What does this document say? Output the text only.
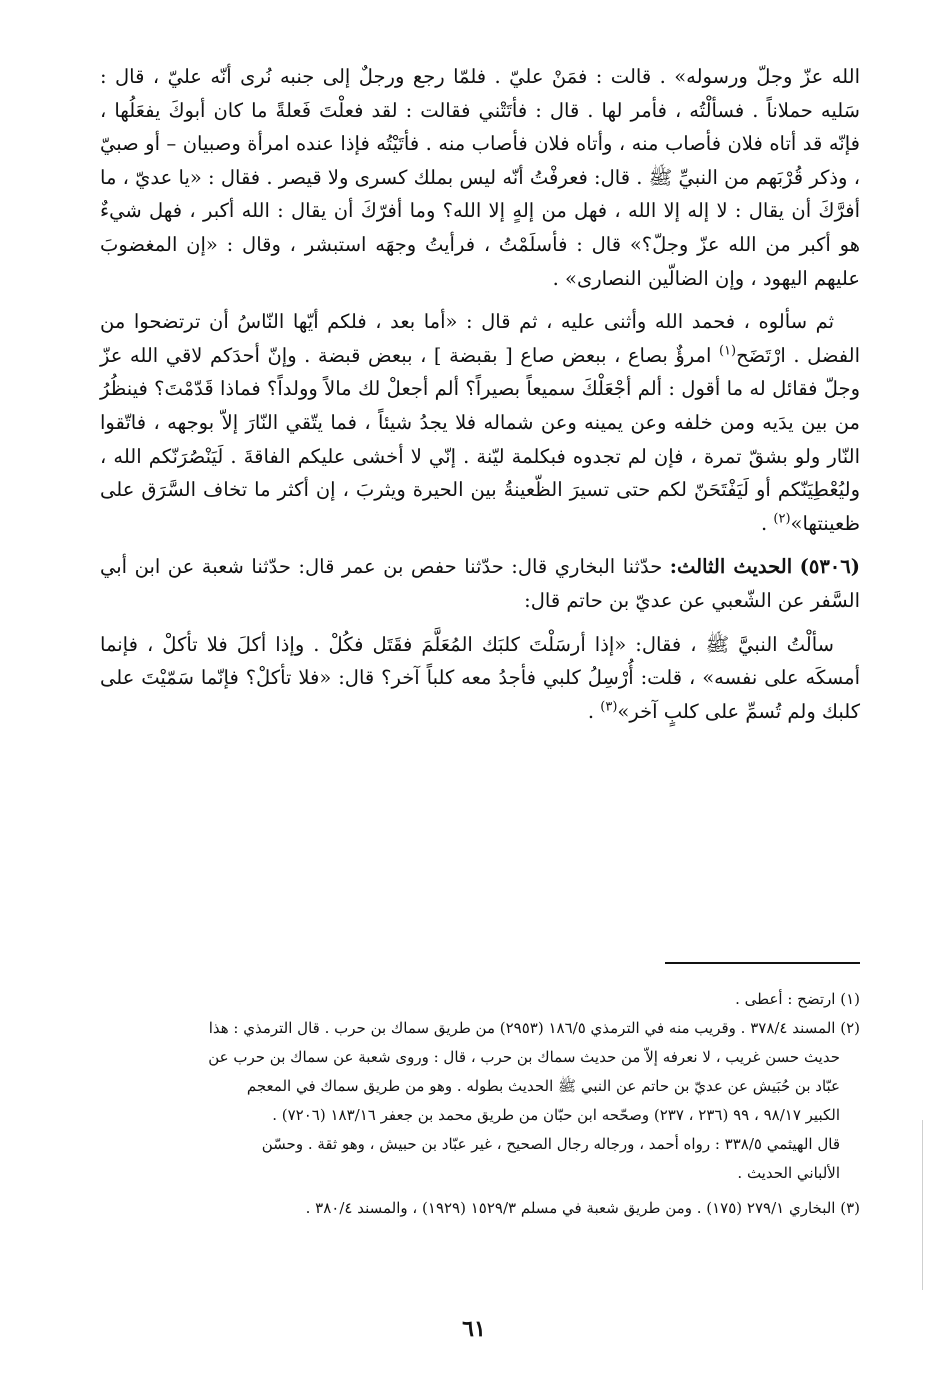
الله عزّ وجلّ ورسوله» . قالت : فمَنْ عليّ . فلمّا رجع ورجلٌ إلى جنبه نُرى أنّه عليّ ، قال : سَليه حملاناً . فسألْتُه ، فأمر لها . قال : فأتَتْني فقالت : لقد فعلْتَ فَعلةً ما كان أبوكَ يفعَلُها ، فإنّه قد أتاه فلان فأصاب منه ، وأتاه فلان فأصاب منه . فأتَيْتُه فإذا عنده امرأة وصبيان – أو صبيّ ، وذكر قُرْبَهم من النبيِّ ﷺ . قال: فعرفْتُ أنّه ليس بملك كسرى ولا قيصر . فقال : «يا عديّ ، ما أفرَّكَ أن يقال : لا إله إلا الله ، فهل من إلهٍ إلا الله؟ وما أفرّكَ أن يقال : الله أكبر ، فهل شيءٌ هو أكبر من الله عزّ وجلّ؟» قال : فأسلَمْتُ ، فرأيتُ وجهَه استبشر ، وقال : «إن المغضوبَ عليهم اليهود ، وإن الضالّين النصارى» .

ثم سألوه ، فحمد الله وأثنى عليه ، ثم قال : «أما بعد ، فلكم أيّها النّاسُ أن ترتضحوا من الفضل . ارْتَضَح$^{(١)}$ امرؤٌ بصاع ، ببعض صاع [ بقبضة ] ، ببعض قبضة . وإنّ أحدَكم لاقي الله عزّ وجلّ فقائل له ما أقول : ألم أجْعَلْكَ سميعاً بصيراً؟ ألم أجعلْ لك مالاً وولداً؟ فماذا قَدّمْتَ؟ فينظُرُ من بين يدَيه ومن خلفه وعن يمينه وعن شماله فلا يجدُ شيئاً ، فما يتّقي النّارَ إلاّ بوجهه ، فاتّقوا النّار ولو بشقّ تمرة ، فإن لم تجدوه فبكلمة ليّنة . إنّي لا أخشى عليكم الفاقةَ . لَيَنْصُرَنّكم الله ، وليُعْطِيَنّكم أو لَيَفْتَحَنّ لكم حتى تسيرَ الظّعينةُ بين الحيرة ويثربَ ، إن أكثر ما تخاف السَّرَق على ظعينتها»$^{(٢)}$ .

(٥٣٠٦) الحديث الثالث: حدّثنا البخاري قال: حدّثنا حفص بن عمر قال: حدّثنا شعبة عن ابن أبي السَّفر عن الشّعبي عن عديّ بن حاتم قال:

سألْتُ النبيَّ ﷺ ، فقال: «إذا أرسَلْتَ كلبَك المُعَلَّمَ فقَتَل فكُلْ . وإذا أكلَ فلا تأكلْ ، فإنما أمسكَه على نفسه» ، قلت: أُرْسِلُ كلبي فأجدُ معه كلباً آخر؟ قال: «فلا تأكلْ؟ فإنّما سَمّيْتَ على كلبك ولم تُسمِّ على كلبٍ آخر»$^{(٣)}$ .

(١) ارتضح : أعطى .

(٢) المسند ٣٧٨/٤ . وقريب منه في الترمذي ١٨٦/٥ (٢٩٥٣) من طريق سماك بن حرب . قال الترمذي : هذا

حديث حسن غريب ، لا نعرفه إلاّ من حديث سماك بن حرب ، قال : وروى شعبة عن سماك بن حرب عن

عبّاد بن حُبَيش عن عديّ بن حاتم عن النبي ﷺ الحديث بطوله . وهو من طريق سماك في المعجم

الكبير ٩٨/١٧ ، ٩٩ (٢٣٦ ، ٢٣٧) وصحّحه ابن حبّان من طريق محمد بن جعفر ١٨٣/١٦ (٧٢٠٦) .

قال الهيثمي ٣٣٨/٥ : رواه أحمد ، ورجاله رجال الصحيح ، غير عبّاد بن حبيش ، وهو ثقة . وحسّن

الألباني الحديث .

(٣) البخاري ٢٧٩/١ (١٧٥) . ومن طريق شعبة في مسلم ١٥٢٩/٣ (١٩٢٩) ، والمسند ٣٨٠/٤ .

٦١
